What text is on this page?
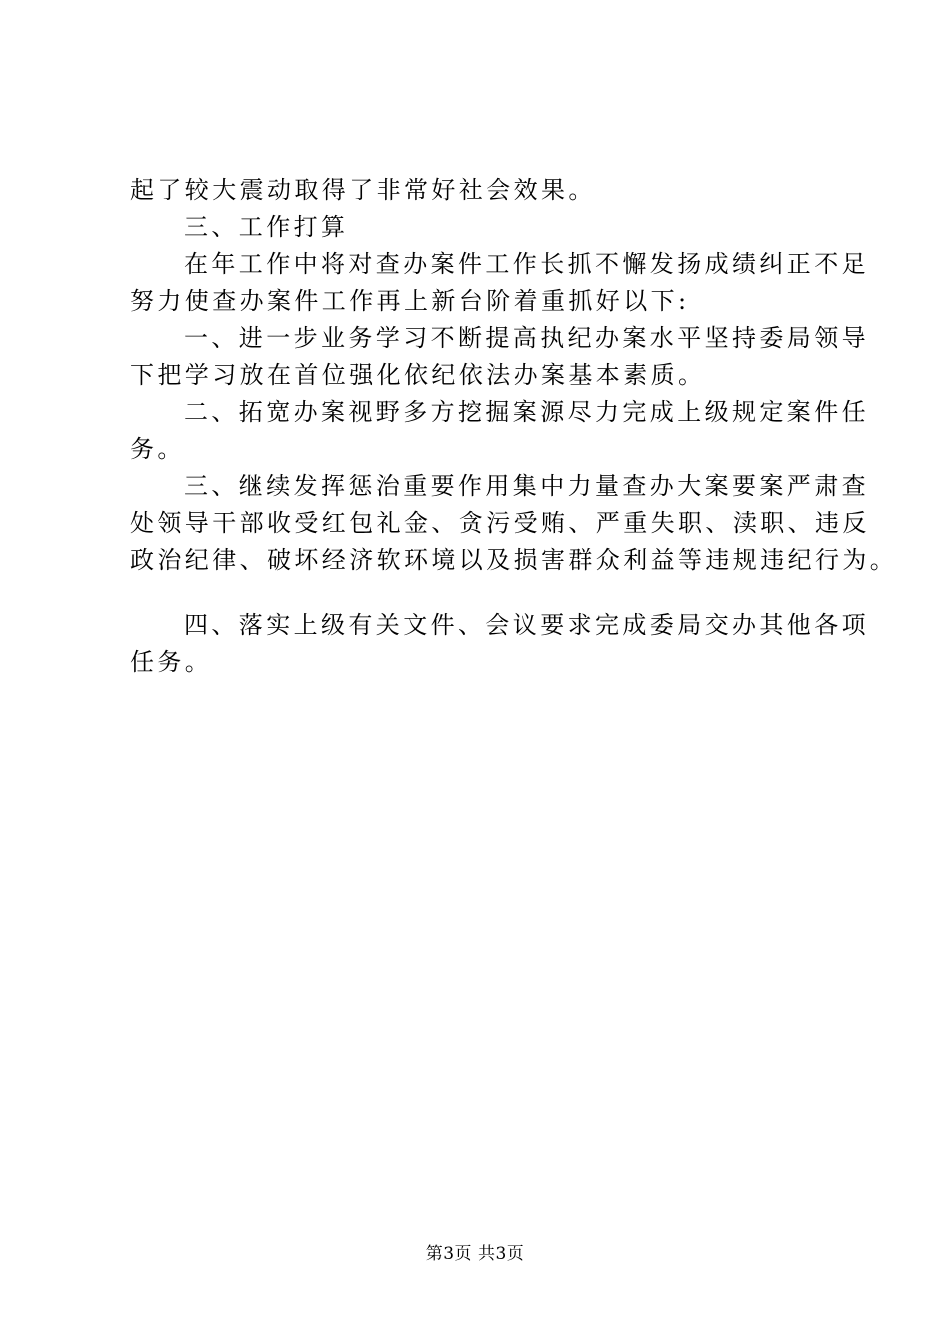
起了较大震动取得了非常好社会效果。
三、工作打算
在年工作中将对查办案件工作长抓不懈发扬成绩纠正不足
努力使查办案件工作再上新台阶着重抓好以下:
一、进一步业务学习不断提高执纪办案水平坚持委局领导
下把学习放在首位强化依纪依法办案基本素质。
二、拓宽办案视野多方挖掘案源尽力完成上级规定案件任
务。
三、继续发挥惩治重要作用集中力量查办大案要案严肃查
处领导干部收受红包礼金、贪污受贿、严重失职、渎职、违反
政治纪律、破坏经济软环境以及损害群众利益等违规违纪行为。
四、落实上级有关文件、会议要求完成委局交办其他各项
任务。
第3页 共3页
